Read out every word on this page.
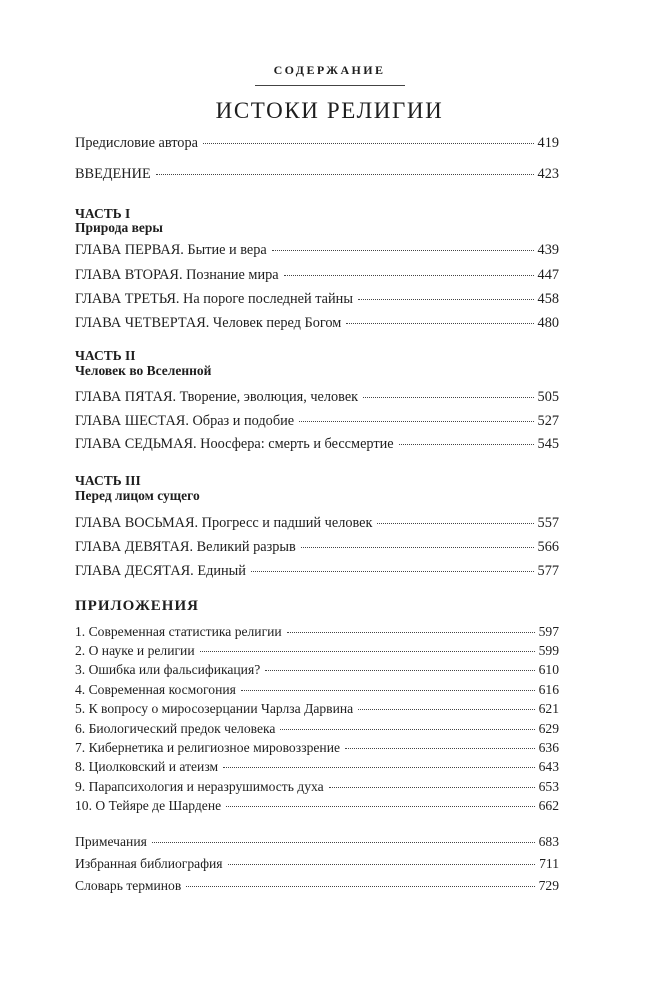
СОДЕРЖАНИЕ
ИСТОКИ РЕЛИГИИ
Предисловие автора	419
ВВЕДЕНИЕ	423
ЧАСТЬ I
Природа веры
ГЛАВА ПЕРВАЯ. Бытие и вера	439
ГЛАВА ВТОРАЯ. Познание мира	447
ГЛАВА ТРЕТЬЯ. На пороге последней тайны	458
ГЛАВА ЧЕТВЕРТАЯ. Человек перед Богом	480
ЧАСТЬ II
Человек во Вселенной
ГЛАВА ПЯТАЯ. Творение, эволюция, человек	505
ГЛАВА ШЕСТАЯ. Образ и подобие	527
ГЛАВА СЕДЬМАЯ. Ноосфера: смерть и бессмертие	545
ЧАСТЬ III
Перед лицом сущего
ГЛАВА ВОСЬМАЯ. Прогресс и падший человек	557
ГЛАВА ДЕВЯТАЯ. Великий разрыв	566
ГЛАВА ДЕСЯТАЯ. Единый	577
ПРИЛОЖЕНИЯ
1. Современная статистика религии	597
2. О науке и религии	599
3. Ошибка или фальсификация?	610
4. Современная космогония	616
5. К вопросу о миросозерцании Чарлза Дарвина	621
6. Биологический предок человека	629
7. Кибернетика и религиозное мировоззрение	636
8. Циолковский и атеизм	643
9. Парапсихология и неразрушимость духа	653
10. О Тейяре де Шардене	662
Примечания	683
Избранная библиография	711
Словарь терминов	729
